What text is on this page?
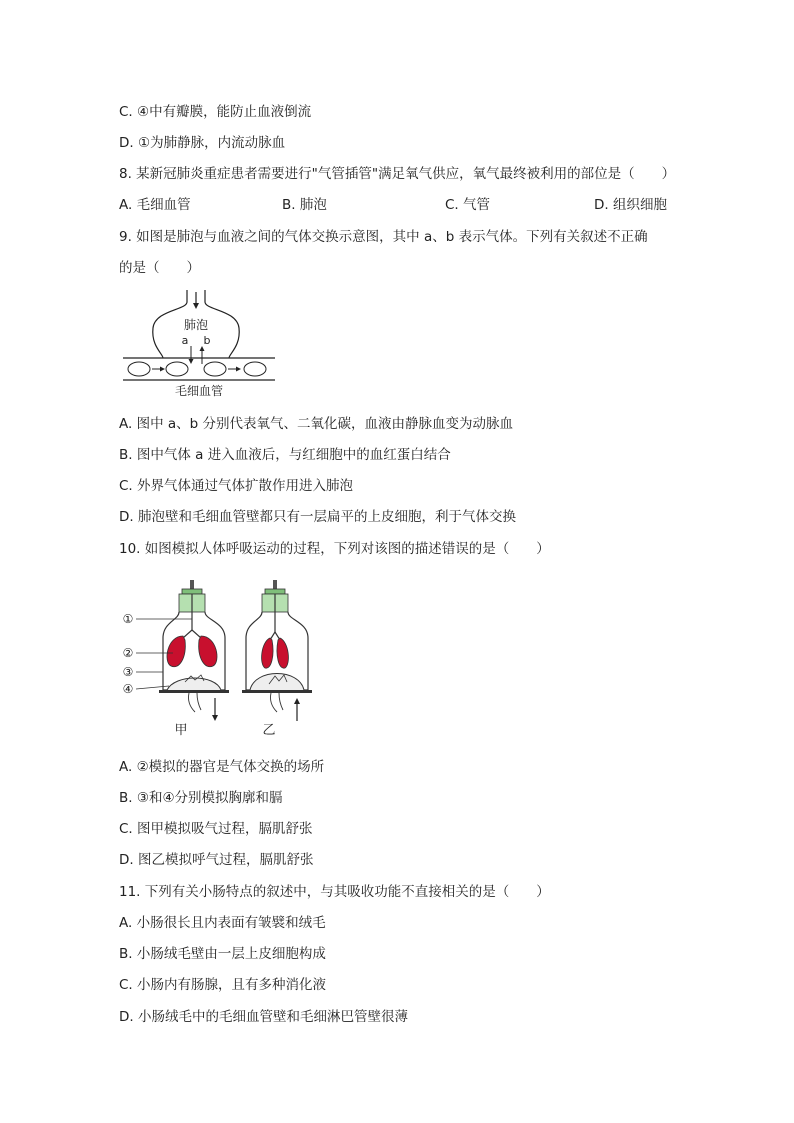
C. ④中有瓣膜，能防止血液倒流
D. ①为肺静脉，内流动脉血
8. 某新冠肺炎重症患者需要进行"气管插管"满足氧气供应，氧气最终被利用的部位是（　　）
A. 毛细血管	B. 肺泡	C. 气管	D. 组织细胞
9. 如图是肺泡与血液之间的气体交换示意图，其中 a、b 表示气体。下列有关叙述不正确
的是（　　）
肺泡
a b
毛细血管
A. 图中 a、b 分别代表氧气、二氧化碳，血液由静脉血变为动脉血
B. 图中气体 a 进入血液后，与红细胞中的血红蛋白结合
C. 外界气体通过气体扩散作用进入肺泡
D. 肺泡壁和毛细血管壁都只有一层扁平的上皮细胞，利于气体交换
10. 如图模拟人体呼吸运动的过程，下列对该图的描述错误的是（　　）
甲
①
②
③
④
乙
A. ②模拟的器官是气体交换的场所
B. ③和④分别模拟胸廓和膈
C. 图甲模拟吸气过程，膈肌舒张
D. 图乙模拟呼气过程，膈肌舒张
11. 下列有关小肠特点的叙述中，与其吸收功能不直接相关的是（　　）
A. 小肠很长且内表面有皱襞和绒毛
B. 小肠绒毛壁由一层上皮细胞构成
C. 小肠内有肠腺，且有多种消化液
D. 小肠绒毛中的毛细血管壁和毛细淋巴管壁很薄
